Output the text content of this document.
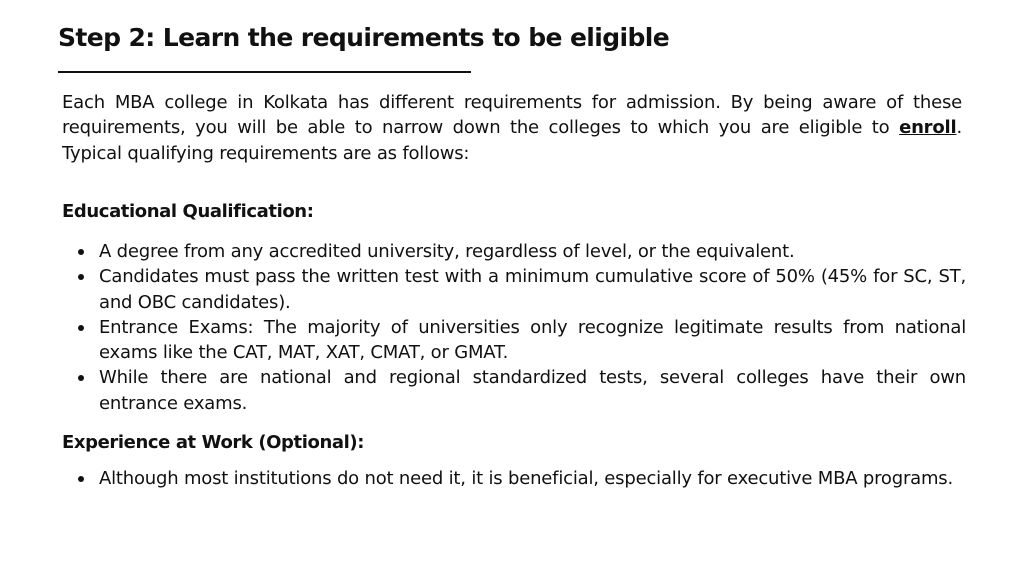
Step 2: Learn the requirements to be eligible

Each MBA college in Kolkata has different requirements for admission. By being aware of these requirements, you will be able to narrow down the colleges to which you are eligible to enroll. Typical qualifying requirements are as follows:

Educational Qualification:
A degree from any accredited university, regardless of level, or the equivalent.
Candidates must pass the written test with a minimum cumulative score of 50% (45% for SC, ST, and OBC candidates).
Entrance Exams: The majority of universities only recognize legitimate results from national exams like the CAT, MAT, XAT, CMAT, or GMAT.
While there are national and regional standardized tests, several colleges have their own entrance exams.
Experience at Work (Optional):
Although most institutions do not need it, it is beneficial, especially for executive MBA programs.
